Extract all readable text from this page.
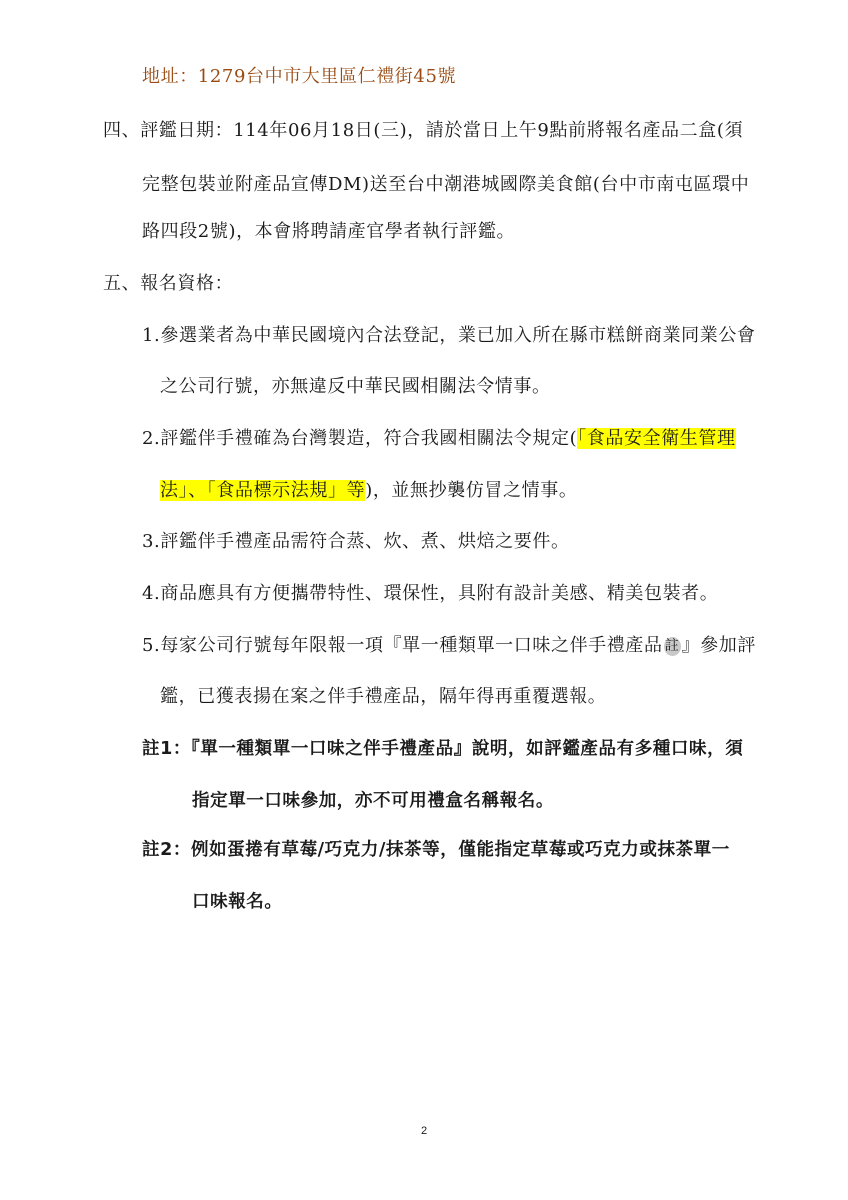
地址：1279台中市大里區仁禮街45號
四、評鑑日期：114年06月18日(三)，請於當日上午9點前將報名產品二盒(須
完整包裝並附產品宣傳DM)送至台中潮港城國際美食館(台中市南屯區環中
路四段2號)，本會將聘請產官學者執行評鑑。
五、報名資格：
1.參選業者為中華民國境內合法登記，業已加入所在縣市糕餅商業同業公會
之公司行號，亦無違反中華民國相關法令情事。
2.評鑑伴手禮確為台灣製造，符合我國相關法令規定(「食品安全衛生管理
法」、「食品標示法規」等)，並無抄襲仿冒之情事。
3.評鑑伴手禮產品需符合蒸、炊、煮、烘焙之要件。
4.商品應具有方便攜帶特性、環保性，具附有設計美感、精美包裝者。
5.每家公司行號每年限報一項『單一種類單一口味之伴手禮產品 註 』參加評
鑑，已獲表揚在案之伴手禮產品，隔年得再重覆選報。
註1：『單一種類單一口味之伴手禮產品』說明，如評鑑產品有多種口味，須
指定單一口味參加，亦不可用禮盒名稱報名。
註2：例如蛋捲有草莓/巧克力/抹茶等，僅能指定草莓或巧克力或抹茶單一
口味報名。
2
